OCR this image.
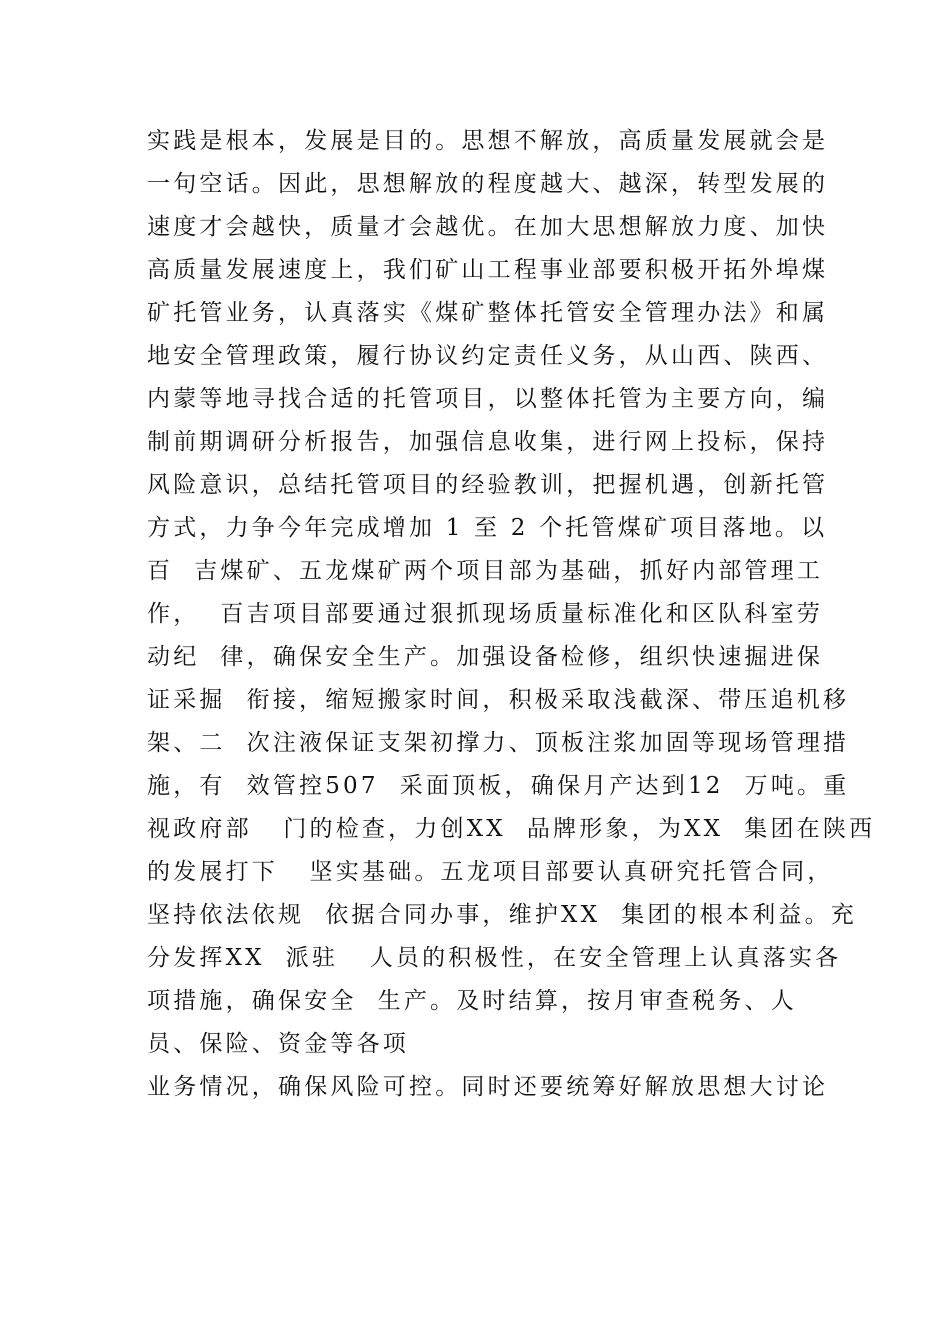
实践是根本，发展是目的。思想不解放，高质量发展就会是
一句空话。因此，思想解放的程度越大、越深，转型发展的
速度才会越快，质量才会越优。在加大思想解放力度、加快
高质量发展速度上，我们矿山工程事业部要积极开拓外埠煤
矿托管业务，认真落实《煤矿整体托管安全管理办法》和属
地安全管理政策，履行协议约定责任义务，从山西、陕西、
内蒙等地寻找合适的托管项目，以整体托管为主要方向，编
制前期调研分析报告，加强信息收集，进行网上投标，保持
风险意识，总结托管项目的经验教训，把握机遇，创新托管
方式，力争今年完成增加 1 至 2 个托管煤矿项目落地。以
百  吉煤矿、五龙煤矿两个项目部为基础，抓好内部管理工
作，  百吉项目部要通过狠抓现场质量标准化和区队科室劳
动纪  律，确保安全生产。加强设备检修，组织快速掘进保
证采掘  衔接，缩短搬家时间，积极采取浅截深、带压追机移
架、二  次注液保证支架初撑力、顶板注浆加固等现场管理措
施，有  效管控507  采面顶板，确保月产达到12  万吨。重
视政府部   门的检查，力创XX  品牌形象，为XX  集团在陕西
的发展打下   坚实基础。五龙项目部要认真研究托管合同，
坚持依法依规  依据合同办事，维护XX  集团的根本利益。充
分发挥XX  派驻   人员的积极性，在安全管理上认真落实各
项措施，确保安全  生产。及时结算，按月审查税务、人
员、保险、资金等各项
业务情况，确保风险可控。同时还要统筹好解放思想大讨论
